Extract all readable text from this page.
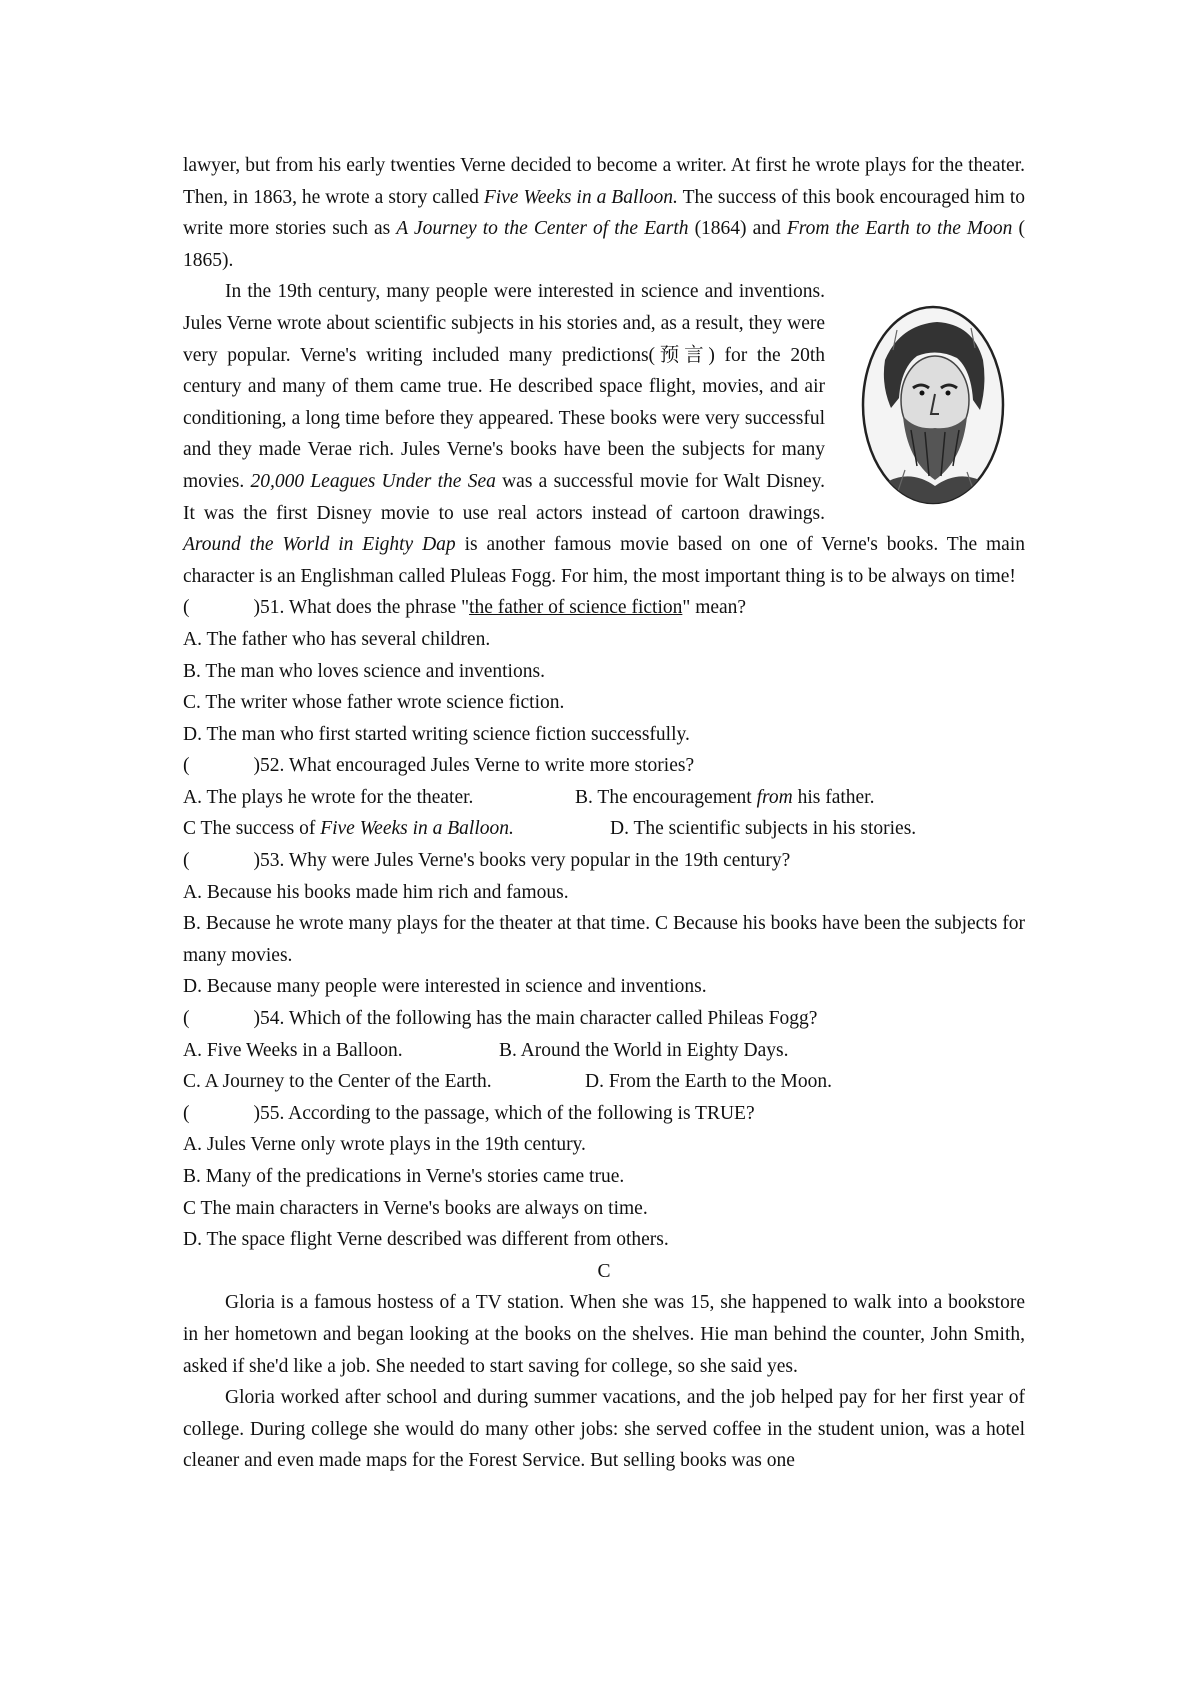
lawyer, but from his early twenties Verne decided to become a writer. At first he wrote plays for the theater. Then, in 1863, he wrote a story called Five Weeks in a Balloon. The success of this book encouraged him to write more stories such as A Journey to the Center of the Earth (1864) and From the Earth to the Moon ( 1865).

In the 19th century, many people were interested in science and inventions. Jules Verne wrote about scientific subjects in his stories and, as a result, they were very popular. Verne's writing included many predictions(预言) for the 20th century and many of them came true. He described space flight, movies, and air conditioning, a long time before they appeared. These books were very successful and they made Verae rich. Jules Verne's books have been the subjects for many movies. 20,000 Leagues Under the Sea was a successful movie for Walt Disney. It was the first Disney movie to use real actors instead of cartoon drawings. Around the World in Eighty Dap is another famous movie based on one of Verne's books. The main character is an Englishman called Pluleas Fogg. For him, the most important thing is to be always on time!

(	)51. What does the phrase "the father of science fiction" mean?
A. The father who has several children.
B. The man who loves science and inventions.
C. The writer whose father wrote science fiction.
D. The man who first started writing science fiction successfully.
(	)52. What encouraged Jules Verne to write more stories?
A. The plays he wrote for the theater.	B. The encouragement from his father.
C The success of Five Weeks in a Balloon.	D. The scientific subjects in his stories.
(	)53. Why were Jules Verne's books very popular in the 19th century?
A. Because his books made him rich and famous.

B. Because he wrote many plays for the theater at that time. C Because his books have been the subjects for many movies.

D. Because many people were interested in science and inventions.
(	)54. Which of the following has the main character called Phileas Fogg?
A. Five Weeks in a Balloon.	B. Around the World in Eighty Days.
C. A Journey to the Center of the Earth.	D. From the Earth to the Moon.
(	)55. According to the passage, which of the following is TRUE?
A. Jules Verne only wrote plays in the 19th century.
B. Many of the predications in Verne's stories came true.
C The main characters in Verne's books are always on time.
D. The space flight Verne described was different from others.
C

Gloria is a famous hostess of a TV station. When she was 15, she happened to walk into a bookstore in her hometown and began looking at the books on the shelves. Hie man behind the counter, John Smith, asked if she'd like a job. She needed to start saving for college, so she said yes.

Gloria worked after school and during summer vacations, and the job helped pay for her first year of college. During college she would do many other jobs: she served coffee in the student union, was a hotel cleaner and even made maps for the Forest Service. But selling books was one
